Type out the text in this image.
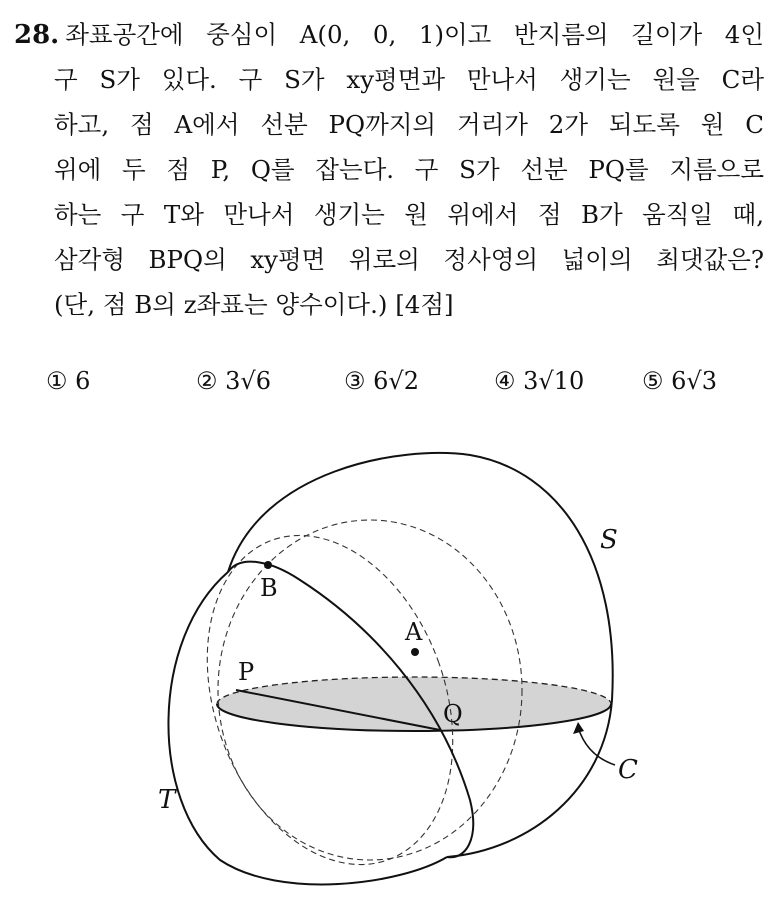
28. 좌표공간에 중심이 A(0, 0, 1)이고 반지름의 길이가 4인
구 S가 있다. 구 S가 xy평면과 만나서 생기는 원을 C라
하고, 점 A에서 선분 PQ까지의 거리가 2가 되도록 원 C
위에 두 점 P, Q를 잡는다. 구 S가 선분 PQ를 지름으로
하는 구 T와 만나서 생기는 원 위에서 점 B가 움직일 때,
삼각형 BPQ의 xy평면 위로의 정사영의 넓이의 최댓값은?
(단, 점 B의 z좌표는 양수이다.) [4점]
① 6	② 3√6	③ 6√2	④ 3√10 ⑤ 6√3
S
T
C
A
B
P
Q
